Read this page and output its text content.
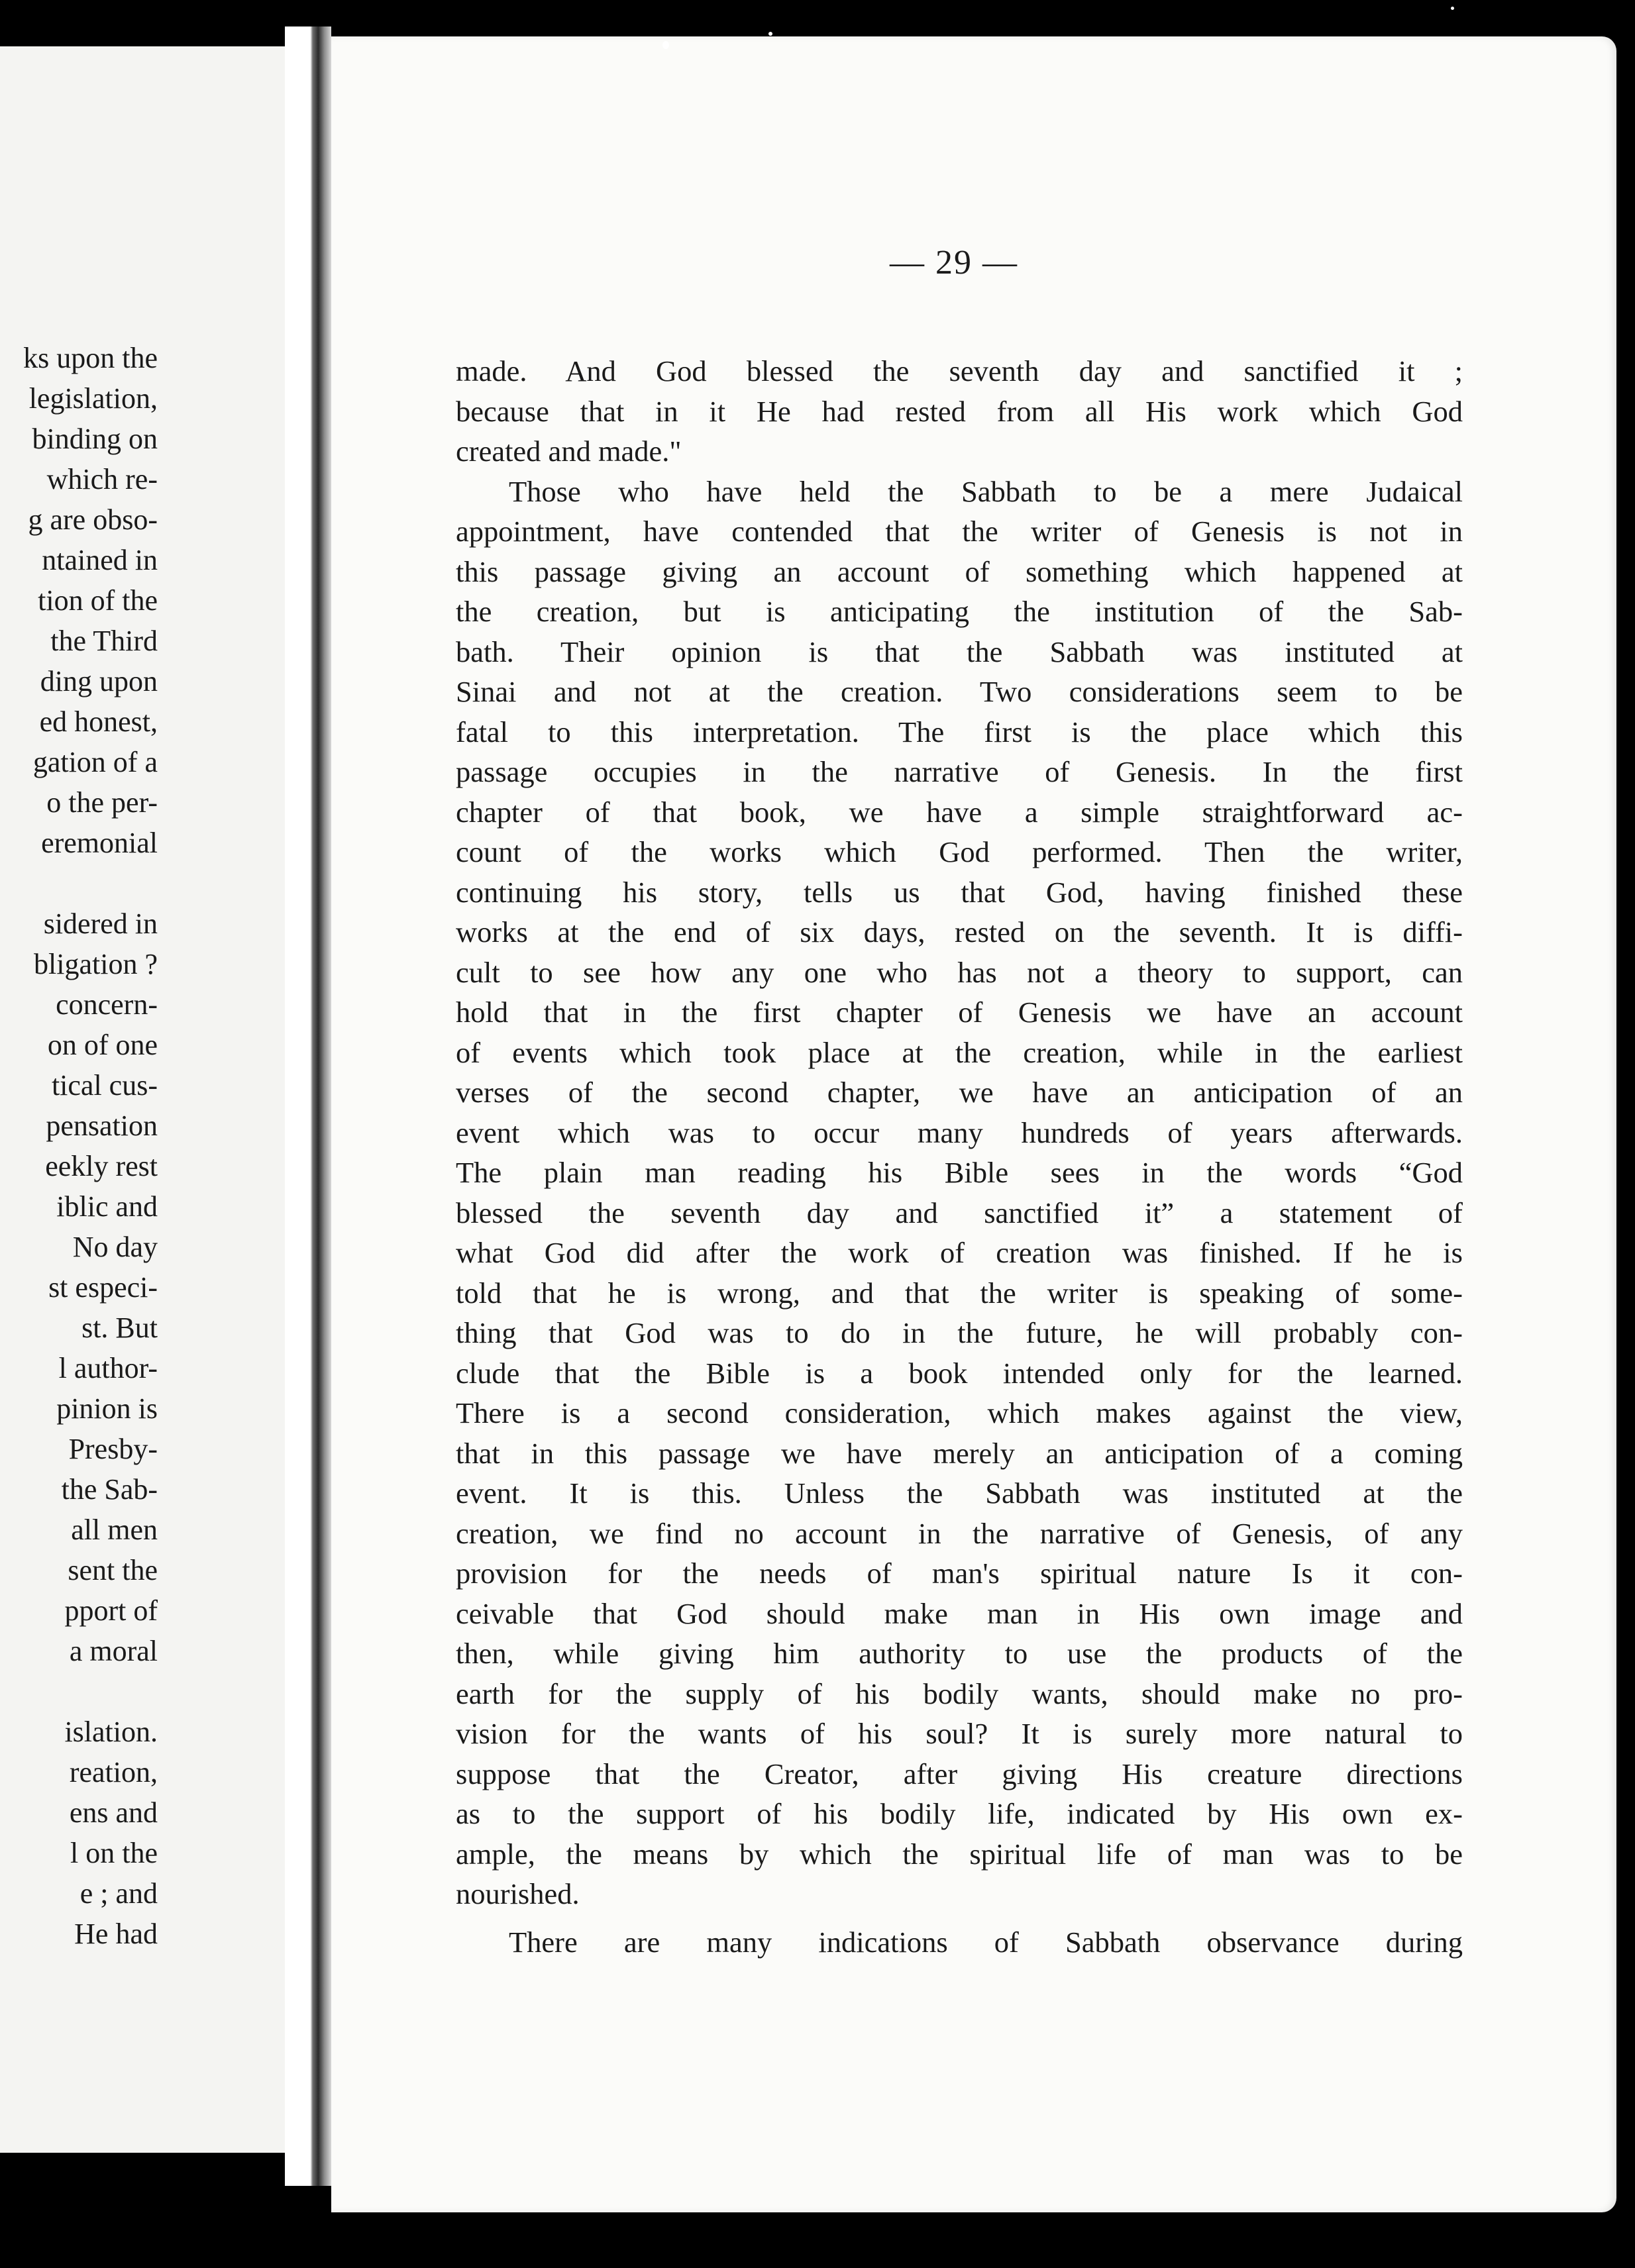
ks upon the
legislation,
binding on
which re-
g are obso-
ntained in
tion of the
the Third
ding upon
ed honest,
gation of a
o the per-
eremonial
sidered in
bligation ?
concern-
on of one
tical cus-
pensation
eekly rest
iblic and
No day
st especi-
st. But
l author-
pinion is
Presby-
the Sab-
all men
sent the
pport of
a moral
islation.
reation,
ens and
l on the
e ; and
He had
— 29 —
made. And God blessed the seventh day and sanctified it ;
because that in it He had rested from all His work which God
created and made."
Those who have held the Sabbath to be a mere Judaical
appointment, have contended that the writer of Genesis is not in
this passage giving an account of something which happened at
the creation, but is anticipating the institution of the Sab-
bath. Their opinion is that the Sabbath was instituted at
Sinai and not at the creation. Two considerations seem to be
fatal to this interpretation. The first is the place which this
passage occupies in the narrative of Genesis. In the first
chapter of that book, we have a simple straightforward ac-
count of the works which God performed. Then the writer,
continuing his story, tells us that God, having finished these
works at the end of six days, rested on the seventh. It is diffi-
cult to see how any one who has not a theory to support, can
hold that in the first chapter of Genesis we have an account
of events which took place at the creation, while in the earliest
verses of the second chapter, we have an anticipation of an
event which was to occur many hundreds of years afterwards.
The plain man reading his Bible sees in the words “God
blessed the seventh day and sanctified it” a statement of
what God did after the work of creation was finished. If he is
told that he is wrong, and that the writer is speaking of some-
thing that God was to do in the future, he will probably con-
clude that the Bible is a book intended only for the learned.
There is a second consideration, which makes against the view,
that in this passage we have merely an anticipation of a coming
event. It is this. Unless the Sabbath was instituted at the
creation, we find no account in the narrative of Genesis, of any
provision for the needs of man's spiritual nature Is it con-
ceivable that God should make man in His own image and
then, while giving him authority to use the products of the
earth for the supply of his bodily wants, should make no pro-
vision for the wants of his soul? It is surely more natural to
suppose that the Creator, after giving His creature directions
as to the support of his bodily life, indicated by His own ex-
ample, the means by which the spiritual life of man was to be
nourished.
There are many indications of Sabbath observance during
